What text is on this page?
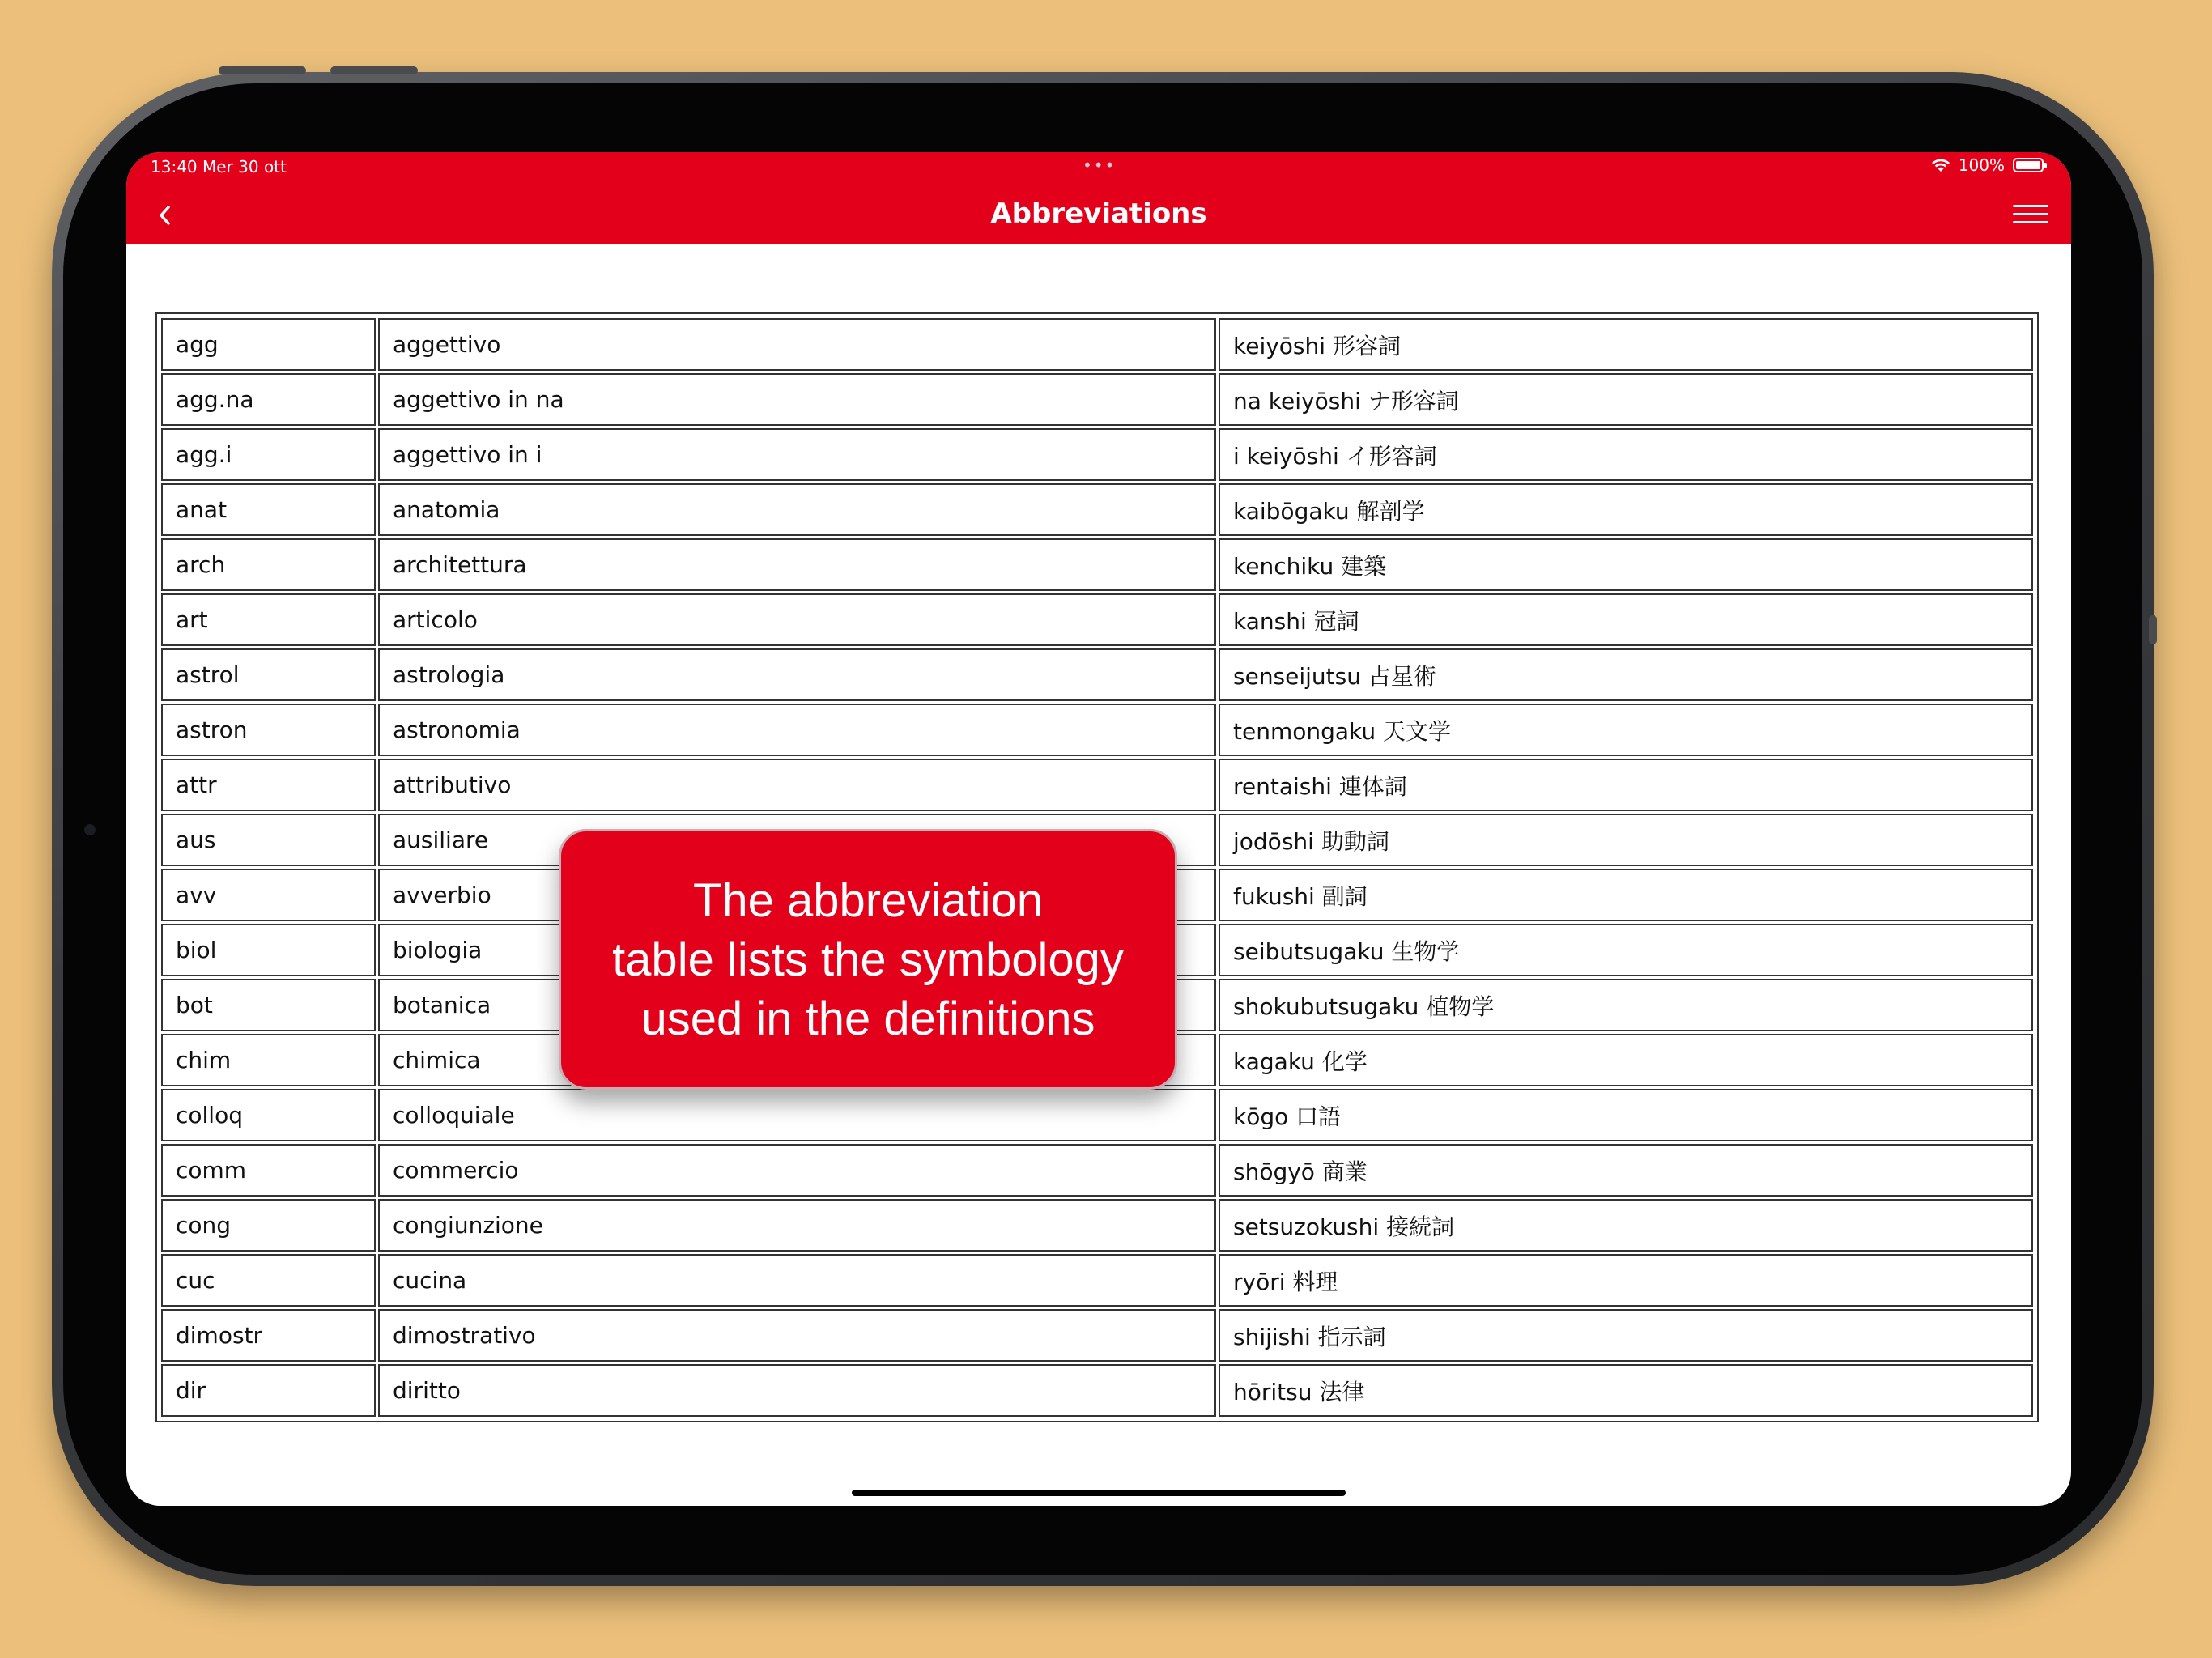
13:40 Mer 30 ott	•••	100%
Abbreviations
agg	aggettivo	keiyōshi 形容詞
agg.na	aggettivo in na	na keiyōshi ナ形容詞
agg.i	aggettivo in i	i keiyōshi イ形容詞
anat	anatomia	kaibōgaku 解剖学
arch	architettura	kenchiku 建築
art	articolo	kanshi 冠詞
astrol	astrologia	senseijutsu 占星術
astron	astronomia	tenmongaku 天文学
attr	attributivo	rentaishi 連体詞
aus	ausiliare	jodōshi 助動詞
avv	avverbio	fukushi 副詞
biol	biologia	seibutsugaku 生物学
bot	botanica	shokubutsugaku 植物学
chim	chimica	kagaku 化学
colloq	colloquiale	kōgo 口語
comm	commercio	shōgyō 商業
cong	congiunzione	setsuzokushi 接続詞
cuc	cucina	ryōri 料理
dimostr	dimostrativo	shijishi 指示詞
dir	diritto	hōritsu 法律
The abbreviation
table lists the symbology
used in the definitions
